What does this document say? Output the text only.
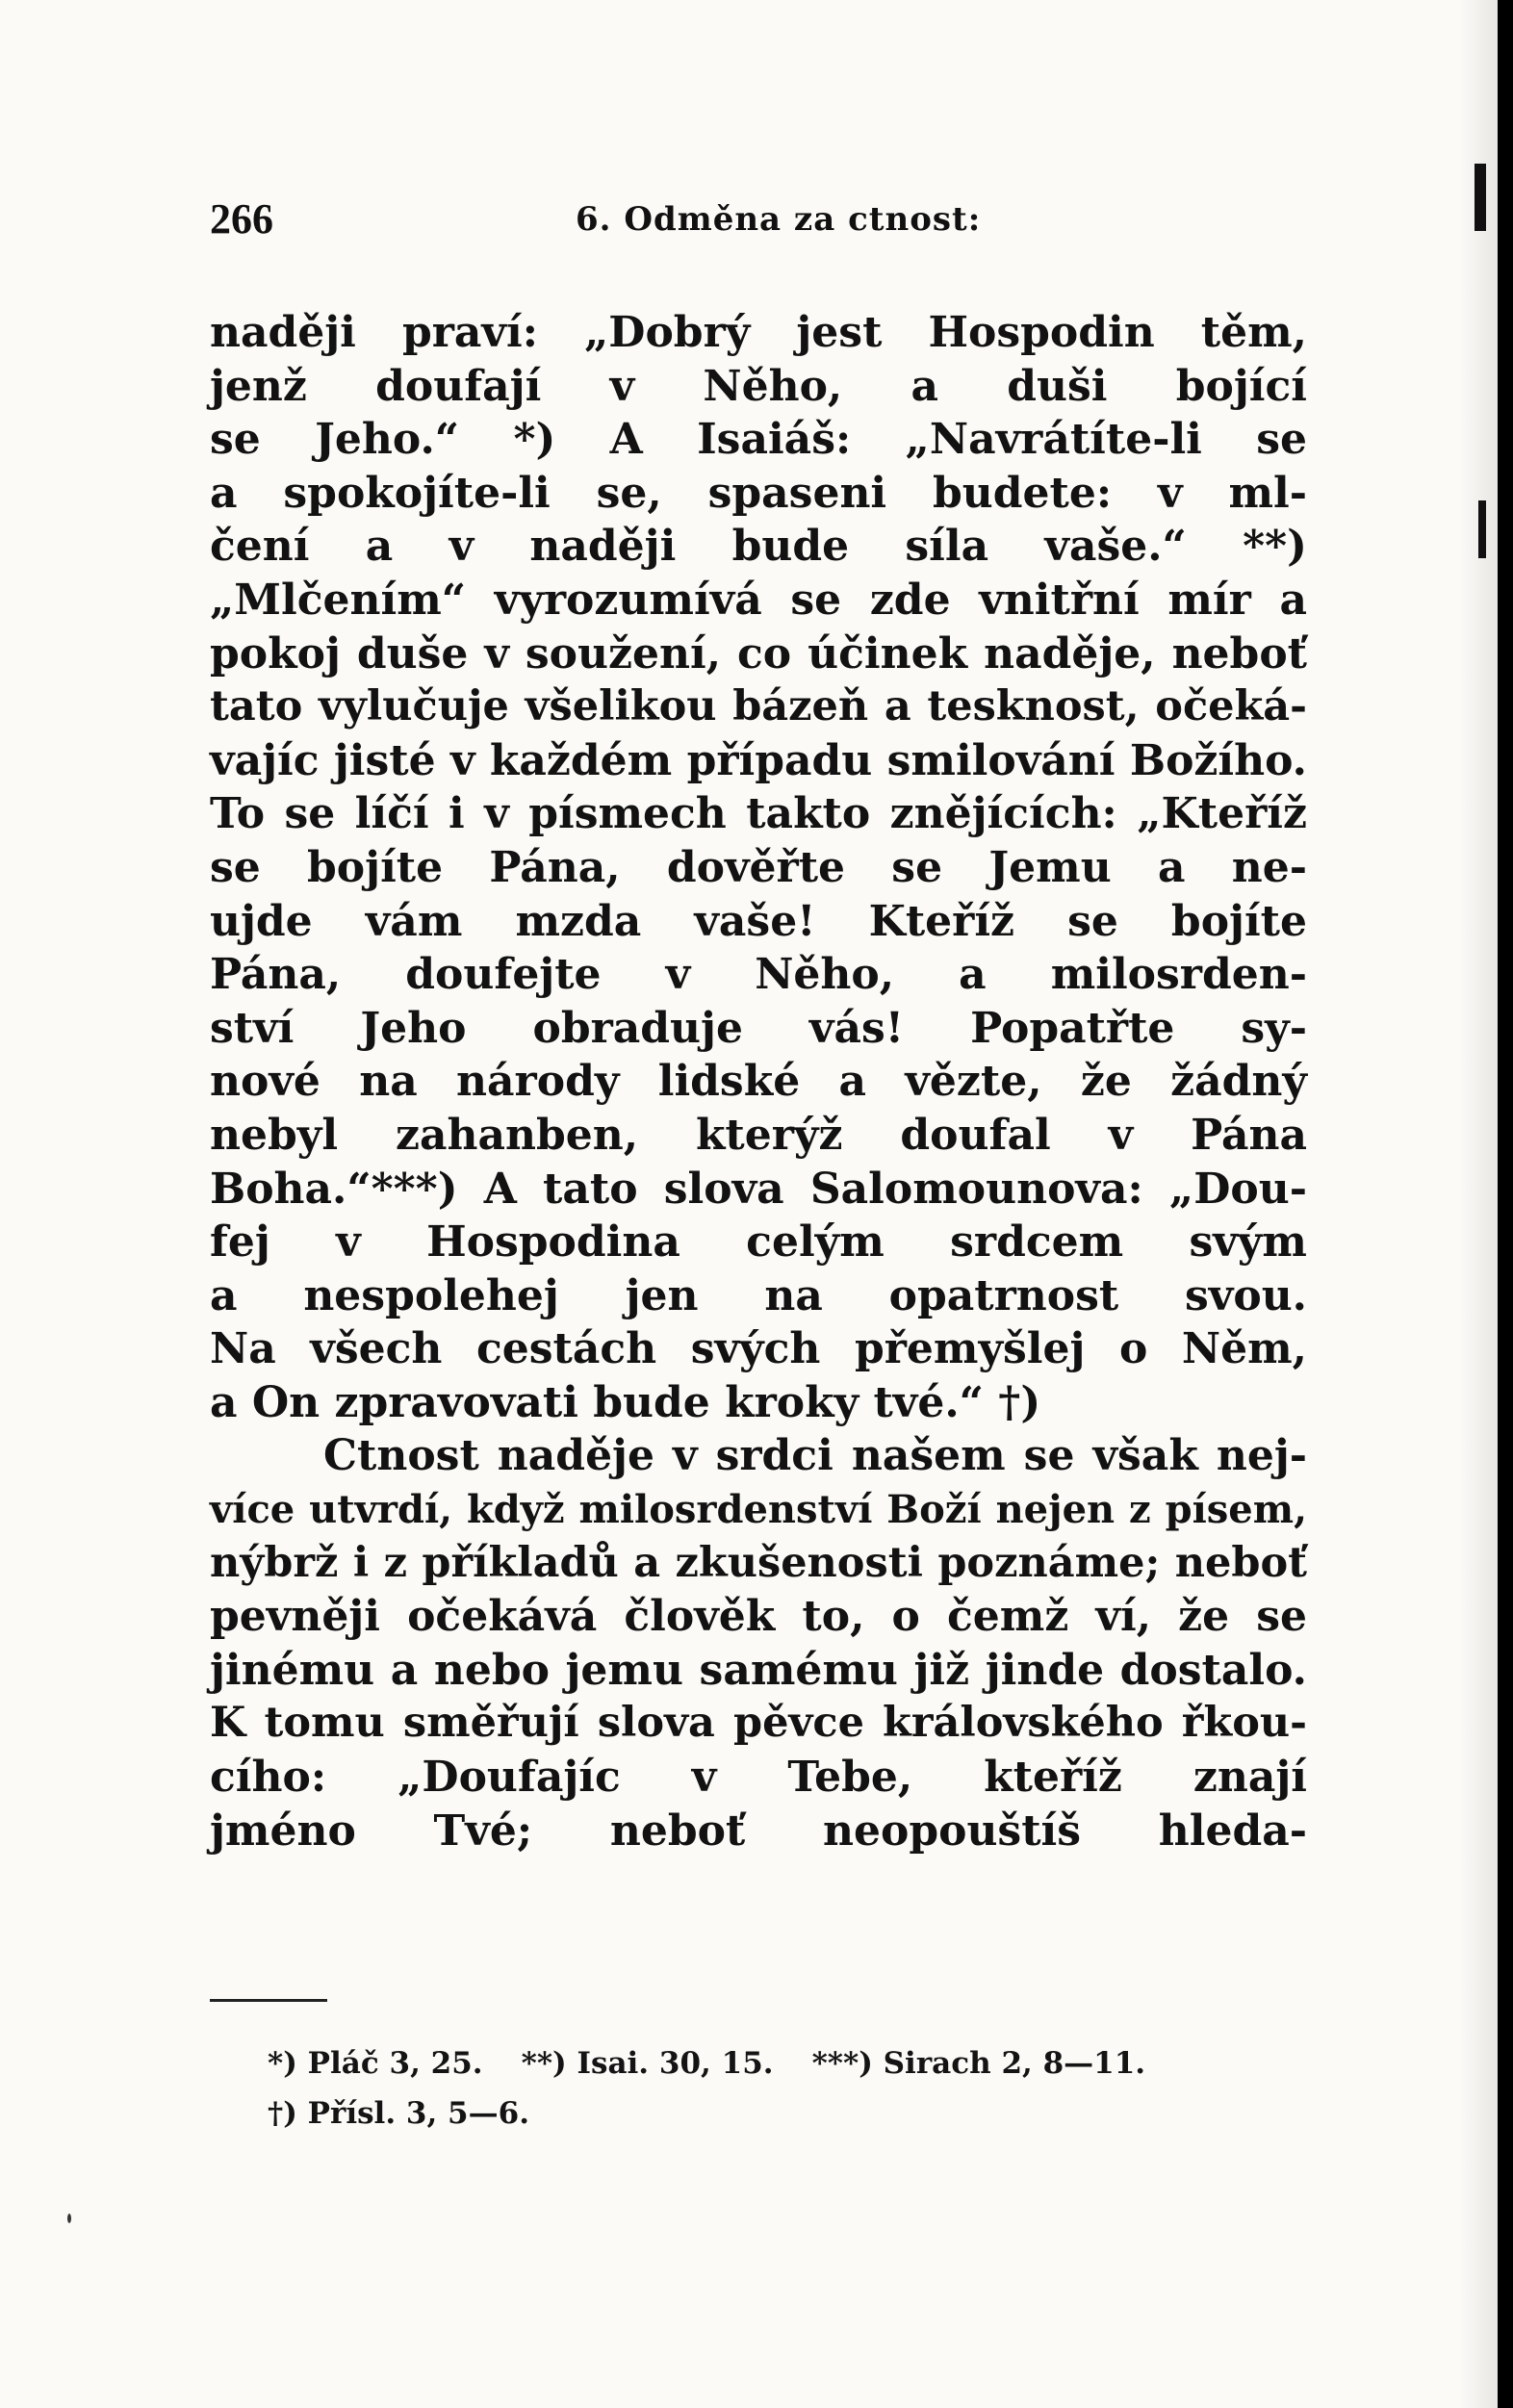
266	6. Odměna za ctnost:
naději praví: „Dobrý jest Hospodin těm,
jenž doufají v Něho, a duši bojící
se Jeho.“ *) A Isaiáš: „Navrátíte-li se
a spokojíte-li se, spaseni budete: v ml-
čení a v naději bude síla vaše.“ **)
„Mlčením“ vyrozumívá se zde vnitřní mír a
pokoj duše v soužení, co účinek naděje, neboť
tato vylučuje všelikou bázeň a tesknost, očeká-
vajíc jisté v každém případu smilování Božího.
To se líčí i v písmech takto znějících: „Kteříž
se bojíte Pána, dověřte se Jemu a ne-
ujde vám mzda vaše! Kteříž se bojíte
Pána, doufejte v Něho, a milosrden-
ství Jeho obraduje vás! Popatřte sy-
nové na národy lidské a vězte, že žádný
nebyl zahanben, kterýž doufal v Pána
Boha.“***) A tato slova Salomounova: „Dou-
fej v Hospodina celým srdcem svým
a nespolehej jen na opatrnost svou.
Na všech cestách svých přemyšlej o Něm,
a On zpravovati bude kroky tvé.“ †)
Ctnost naděje v srdci našem se však nej-
více utvrdí, když milosrdenství Boží nejen z písem,
nýbrž i z příkladů a zkušenosti poznáme; neboť
pevněji očekává člověk to, o čemž ví, že se
jinému a nebo jemu samému již jinde dostalo.
K tomu směřují slova pěvce královského řkou-
cího: „Doufajíc v Tebe, kteříž znají
jméno Tvé; neboť neopouštíš hleda-
*) Pláč 3, 25. **) Isai. 30, 15. ***) Sirach 2, 8—11.
†) Přísl. 3, 5—6.
